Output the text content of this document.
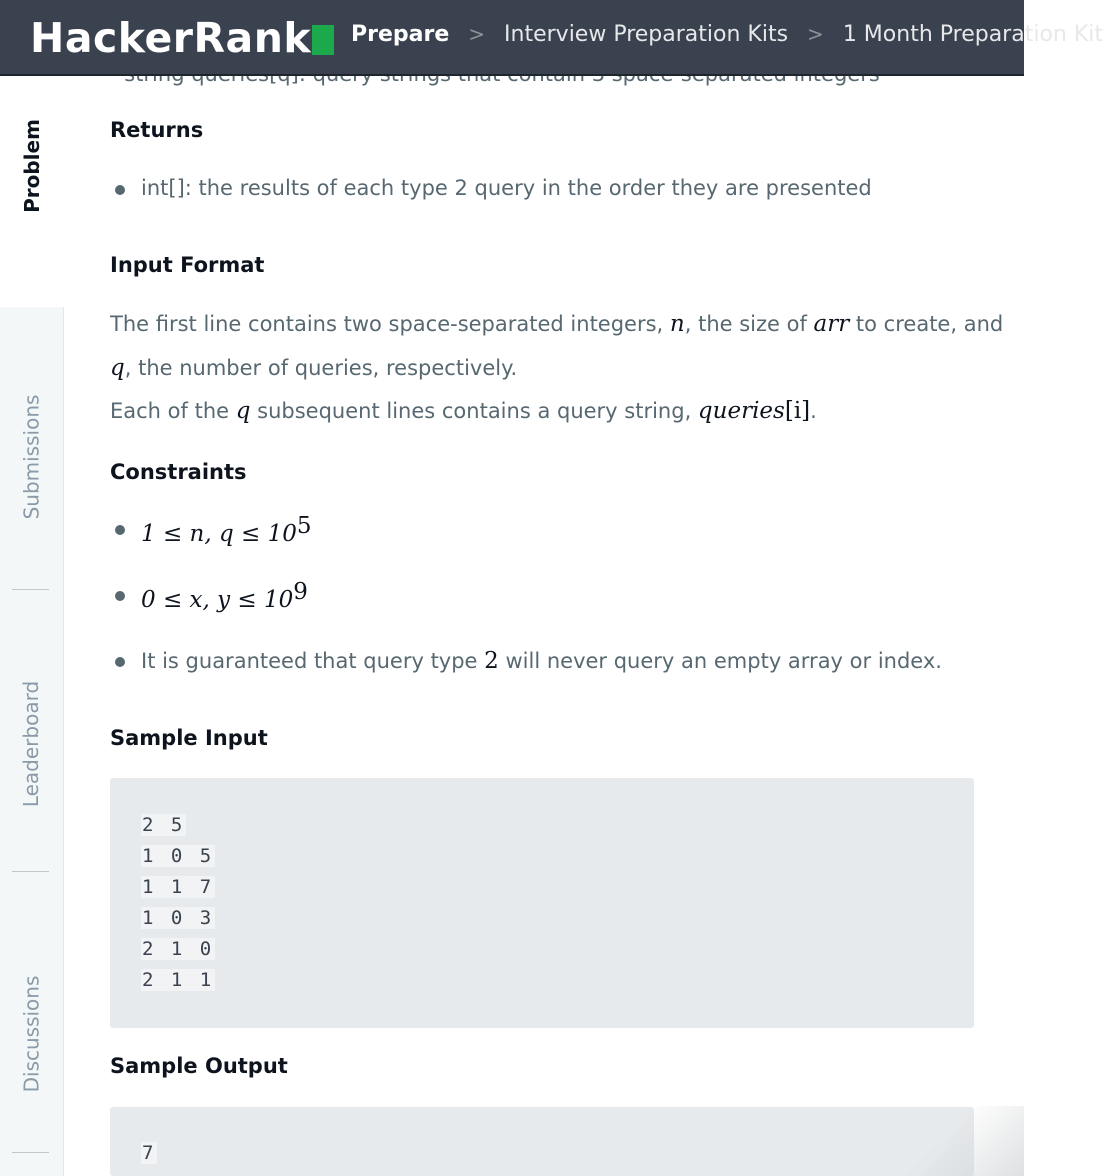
HackerRank	Prepare > Interview Preparation Kits > 1 Month Preparation Kit
Problem
Submissions
Leaderboard
Discussions
Returns
int[]: the results of each type 2 query in the order they are presented
Input Format
The first line contains two space-separated integers, n, the size of arr to create, and
q, the number of queries, respectively.
Each of the q subsequent lines contains a query string, queries[i].
Constraints
1 ≤ n, $q \le 10^5$
0 ≤ x, $y \le 10^9$
It is guaranteed that query type 2 will never query an empty array or index.
Sample Input
2 5
1 0 5
1 1 7
1 0 3
2 1 0
2 1 1
Sample Output
7
